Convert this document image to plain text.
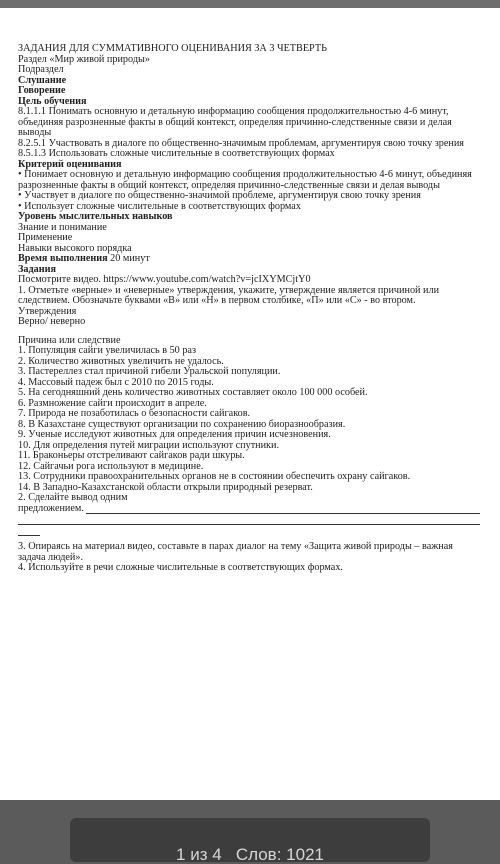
ЗАДАНИЯ ДЛЯ СУММАТИВНОГО ОЦЕНИВАНИЯ ЗА 3 ЧЕТВЕРТЬ
Раздел «Мир живой природы»
Подраздел
Слушание
Говорение
Цель обучения
8.1.1.1 Понимать основную и детальную информацию сообщения продолжительностью 4-6 минут, объединяя разрозненные факты в общий контекст, определяя причинно-следственные связи и делая выводы
8.2.5.1 Участвовать в диалоге по общественно-значимым проблемам, аргументируя свою точку зрения
8.5.1.3 Использовать сложные числительные в соответствующих формах
Критерий оценивания
• Понимает основную и детальную информацию сообщения продолжительностью 4-6 минут, объединяя разрозненные факты в общий контекст, определяя причинно-следственные связи и делая выводы
• Участвует в диалоге по общественно-значимой проблеме, аргументируя свою точку зрения
• Использует сложные числительные в соответствующих формах
Уровень мыслительных навыков
Знание и понимание
Применение
Навыки высокого порядка
Время выполнения 20 минут
Задания
Посмотрите видео. https://www.youtube.com/watch?v=jcIXYMCjtY0
1. Отметьте «верные» и «неверные» утверждения, укажите, утверждение является причиной или следствием. Обозначьте буквами «В» или «Н» в первом столбике, «П» или «С» - во втором.
Утверждения
Верно/ неверно
Причина или следствие
1. Популяция сайги увеличилась в 50 раз
2. Количество животных увеличить не удалось.
3. Пастереллез стал причиной гибели Уральской популяции.
4. Массовый падеж был с 2010 по 2015 годы.
5. На сегодняшний день количество животных составляет около 100 000 особей.
6. Размножение сайги происходит в апреле.
7. Природа не позаботилась о безопасности сайгаков.
8. В Казахстане существуют организации по сохранению биоразнообразия.
9. Ученые исследуют животных для определения причин исчезновения.
10. Для определения путей миграции используют спутники.
11. Браконьеры отстреливают сайгаков ради шкуры.
12. Сайгачьи рога используют в медицине.
13. Сотрудники правоохранительных органов не в состоянии обеспечить охрану сайгаков.
14. В Западно-Казахстанской области открыли природный резерват.
2. Сделайте вывод одним
предложением.
3. Опираясь на материал видео, составьте в парах диалог на тему «Защита живой природы – важная задача людей».
4. Используйте в речи сложные числительные в соответствующих формах.
1 из 4 Слов: 1021
